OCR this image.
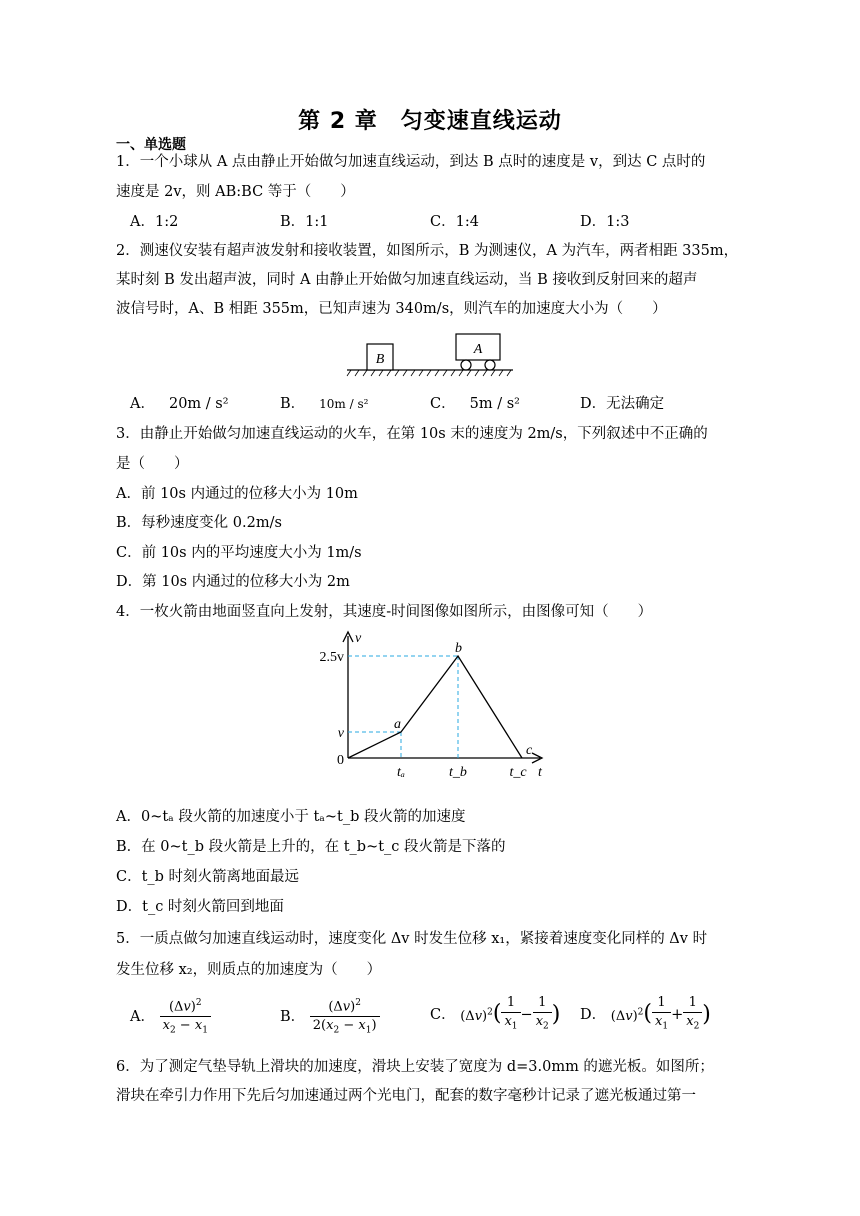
第 2 章　匀变速直线运动
一、单选题
1．一个小球从 A 点由静止开始做匀加速直线运动，到达 B 点时的速度是 v，到达 C 点时的
速度是 2v，则 AB:BC 等于（　　）
A．1:2	B．1:1	C．1:4	D．1:3
2．测速仪安装有超声波发射和接收装置，如图所示，B 为测速仪，A 为汽车，两者相距 335m，
某时刻 B 发出超声波，同时 A 由静止开始做匀加速直线运动，当 B 接收到反射回来的超声
波信号时，A、B 相距 355m，已知声速为 340m/s，则汽车的加速度大小为（　　）
B
A
A． 20m / s²	B． 10m / s²	C． 5m / s²	D．无法确定
3．由静止开始做匀加速直线运动的火车，在第 10s 末的速度为 2m/s，下列叙述中不正确的
是（　　）
A．前 10s 内通过的位移大小为 10m
B．每秒速度变化 0.2m/s
C．前 10s 内的平均速度大小为 1m/s
D．第 10s 内通过的位移大小为 2m
4．一枚火箭由地面竖直向上发射，其速度-时间图像如图所示，由图像可知（　　）
v
t
2.5v
v
0
tₐ	t_b	t_c
a
b
c
A．0~tₐ 段火箭的加速度小于 tₐ~t_b 段火箭的加速度
B．在 0~t_b 段火箭是上升的，在 t_b~t_c 段火箭是下落的
C．t_b 时刻火箭离地面最远
D．t_c 时刻火箭回到地面
5．一质点做匀加速直线运动时，速度变化 Δv 时发生位移 x₁，紧接着速度变化同样的 Δv 时
发生位移 x₂，则质点的加速度为（　　）
A． $\frac{(\Delta v)^2}{x_2 - x_1}$	B． $\frac{(\Delta v)^2}{2(x_2 - x_1)}$	C． $(\Delta v)^2( \frac{1}{x_1} - \frac{1}{x_2}$ ) D． $(\Delta v)^2( \frac{1}{x_1} + \frac{1}{x_2}$ )
6．为了测定气垫导轨上滑块的加速度，滑块上安装了宽度为 d=3.0mm 的遮光板。如图所；
滑块在牵引力作用下先后匀加速通过两个光电门，配套的数字毫秒计记录了遮光板通过第一
